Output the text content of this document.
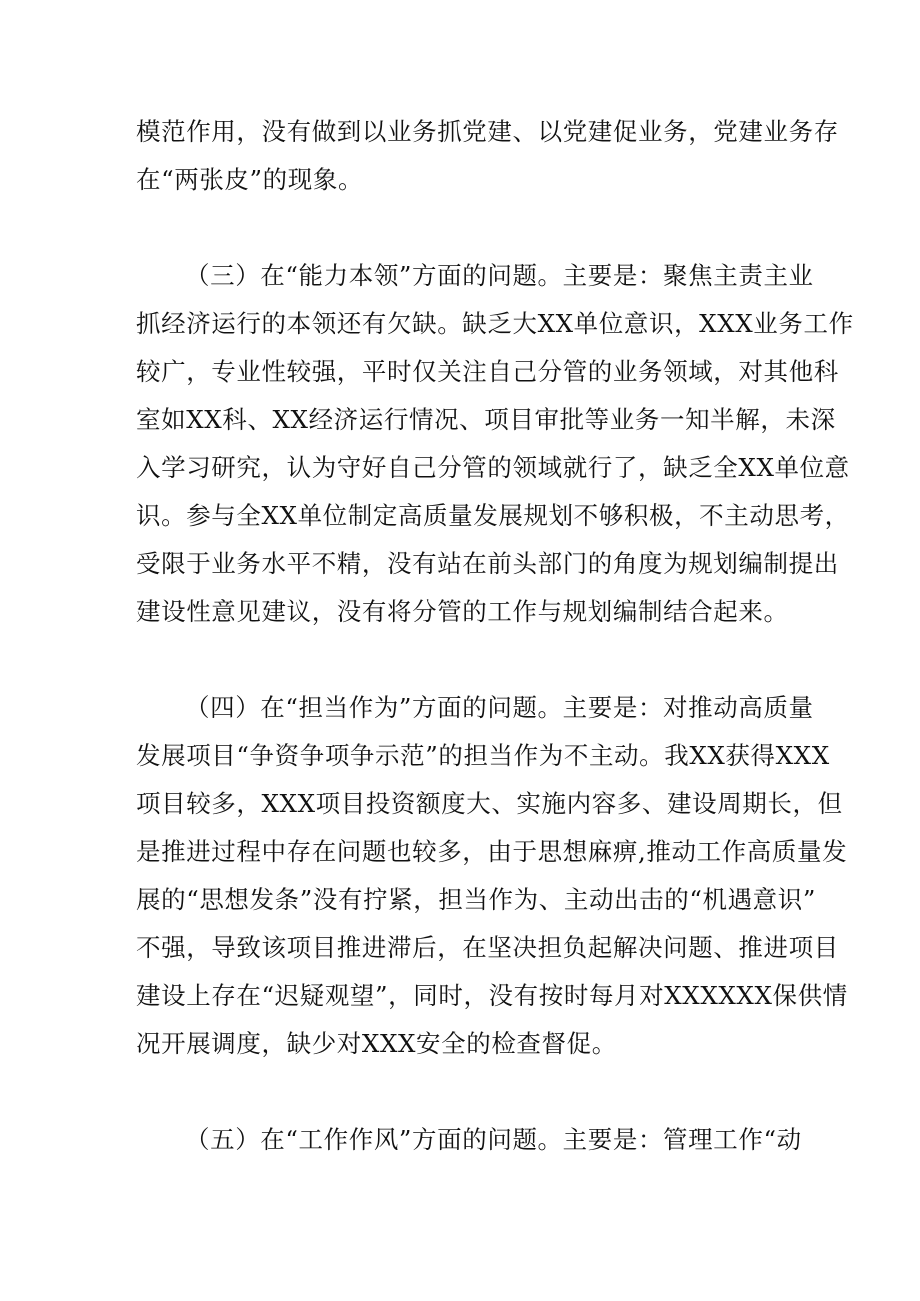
模范作用，没有做到以业务抓党建、以党建促业务，党建业务存
在“两张皮”的现象。
（三）在“能力本领”方面的问题。主要是：聚焦主责主业
抓经济运行的本领还有欠缺。缺乏大XX单位意识，XXX业务工作
较广，专业性较强，平时仅关注自己分管的业务领域，对其他科
室如XX科、XX经济运行情况、项目审批等业务一知半解，未深
入学习研究，认为守好自己分管的领域就行了，缺乏全XX单位意
识。参与全XX单位制定高质量发展规划不够积极，不主动思考，
受限于业务水平不精，没有站在前头部门的角度为规划编制提出
建设性意见建议，没有将分管的工作与规划编制结合起来。
（四）在“担当作为”方面的问题。主要是：对推动高质量
发展项目“争资争项争示范”的担当作为不主动。我XX获得XXX
项目较多，XXX项目投资额度大、实施内容多、建设周期长，但
是推进过程中存在问题也较多，由于思想麻痹,推动工作高质量发
展的“思想发条”没有拧紧，担当作为、主动出击的“机遇意识”
不强，导致该项目推进滞后，在坚决担负起解决问题、推进项目
建设上存在“迟疑观望”，同时，没有按时每月对XXXXXX保供情
况开展调度，缺少对XXX安全的检查督促。
（五）在“工作作风”方面的问题。主要是：管理工作“动
